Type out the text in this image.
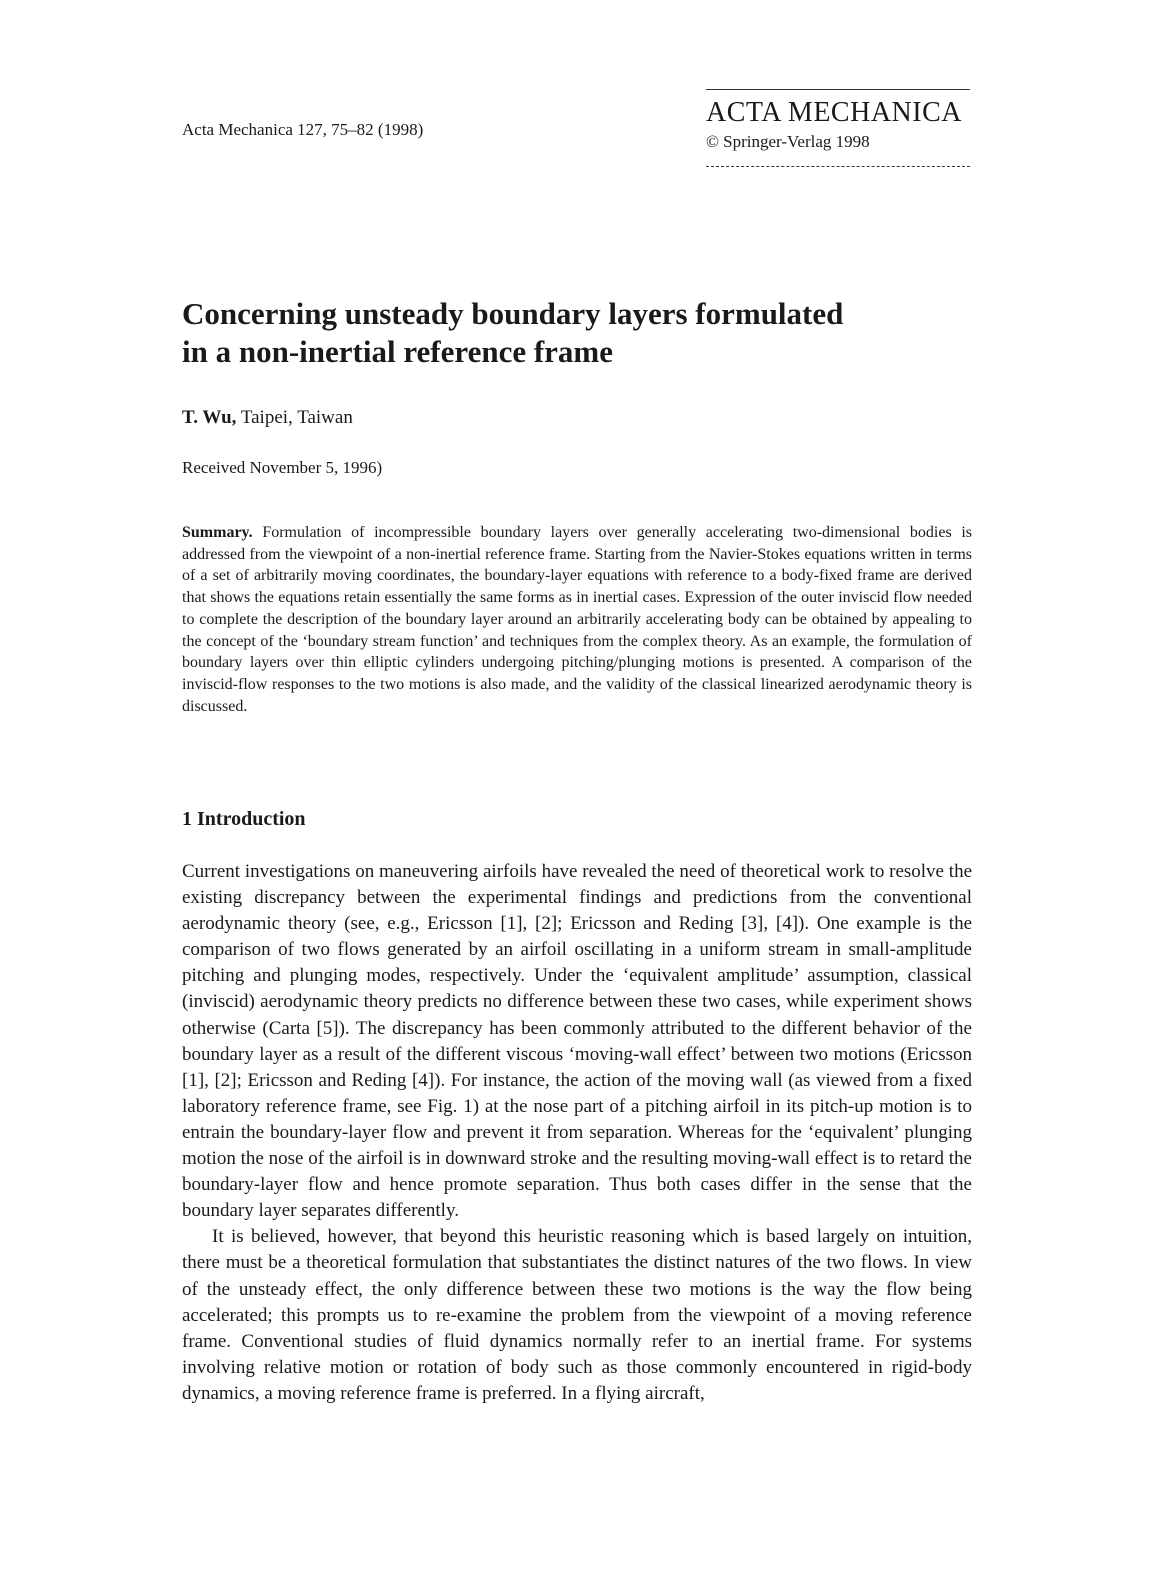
Acta Mechanica 127, 75–82 (1998)
ACTA MECHANICA
© Springer-Verlag 1998
Concerning unsteady boundary layers formulated
in a non-inertial reference frame
T. Wu, Taipei, Taiwan
Received November 5, 1996)
Summary. Formulation of incompressible boundary layers over generally accelerating two-dimensional bodies is addressed from the viewpoint of a non-inertial reference frame. Starting from the Navier-Stokes equations written in terms of a set of arbitrarily moving coordinates, the boundary-layer equations with reference to a body-fixed frame are derived that shows the equations retain essentially the same forms as in inertial cases. Expression of the outer inviscid flow needed to complete the description of the boundary layer around an arbitrarily accelerating body can be obtained by appealing to the concept of the ‘boundary stream function’ and techniques from the complex theory. As an example, the formulation of boundary layers over thin elliptic cylinders undergoing pitching/plunging motions is presented. A comparison of the inviscid-flow responses to the two motions is also made, and the validity of the classical linearized aerodynamic theory is discussed.
1 Introduction

Current investigations on maneuvering airfoils have revealed the need of theoretical work to resolve the existing discrepancy between the experimental findings and predictions from the conventional aerodynamic theory (see, e.g., Ericsson [1], [2]; Ericsson and Reding [3], [4]). One example is the comparison of two flows generated by an airfoil oscillating in a uniform stream in small-amplitude pitching and plunging modes, respectively. Under the ‘equivalent amplitude’ assumption, classical (inviscid) aerodynamic theory predicts no difference between these two cases, while experiment shows otherwise (Carta [5]). The discrepancy has been commonly attributed to the different behavior of the boundary layer as a result of the different viscous ‘moving-wall effect’ between two motions (Ericsson [1], [2]; Ericsson and Reding [4]). For instance, the action of the moving wall (as viewed from a fixed laboratory reference frame, see Fig. 1) at the nose part of a pitching airfoil in its pitch-up motion is to entrain the boundary-layer flow and prevent it from separation. Whereas for the ‘equivalent’ plunging motion the nose of the airfoil is in downward stroke and the resulting moving-wall effect is to retard the boundary-layer flow and hence promote separation. Thus both cases differ in the sense that the boundary layer separates differently.

It is believed, however, that beyond this heuristic reasoning which is based largely on intuition, there must be a theoretical formulation that substantiates the distinct natures of the two flows. In view of the unsteady effect, the only difference between these two motions is the way the flow being accelerated; this prompts us to re-examine the problem from the viewpoint of a moving reference frame. Conventional studies of fluid dynamics normally refer to an inertial frame. For systems involving relative motion or rotation of body such as those commonly encountered in rigid-body dynamics, a moving reference frame is preferred. In a flying aircraft,
